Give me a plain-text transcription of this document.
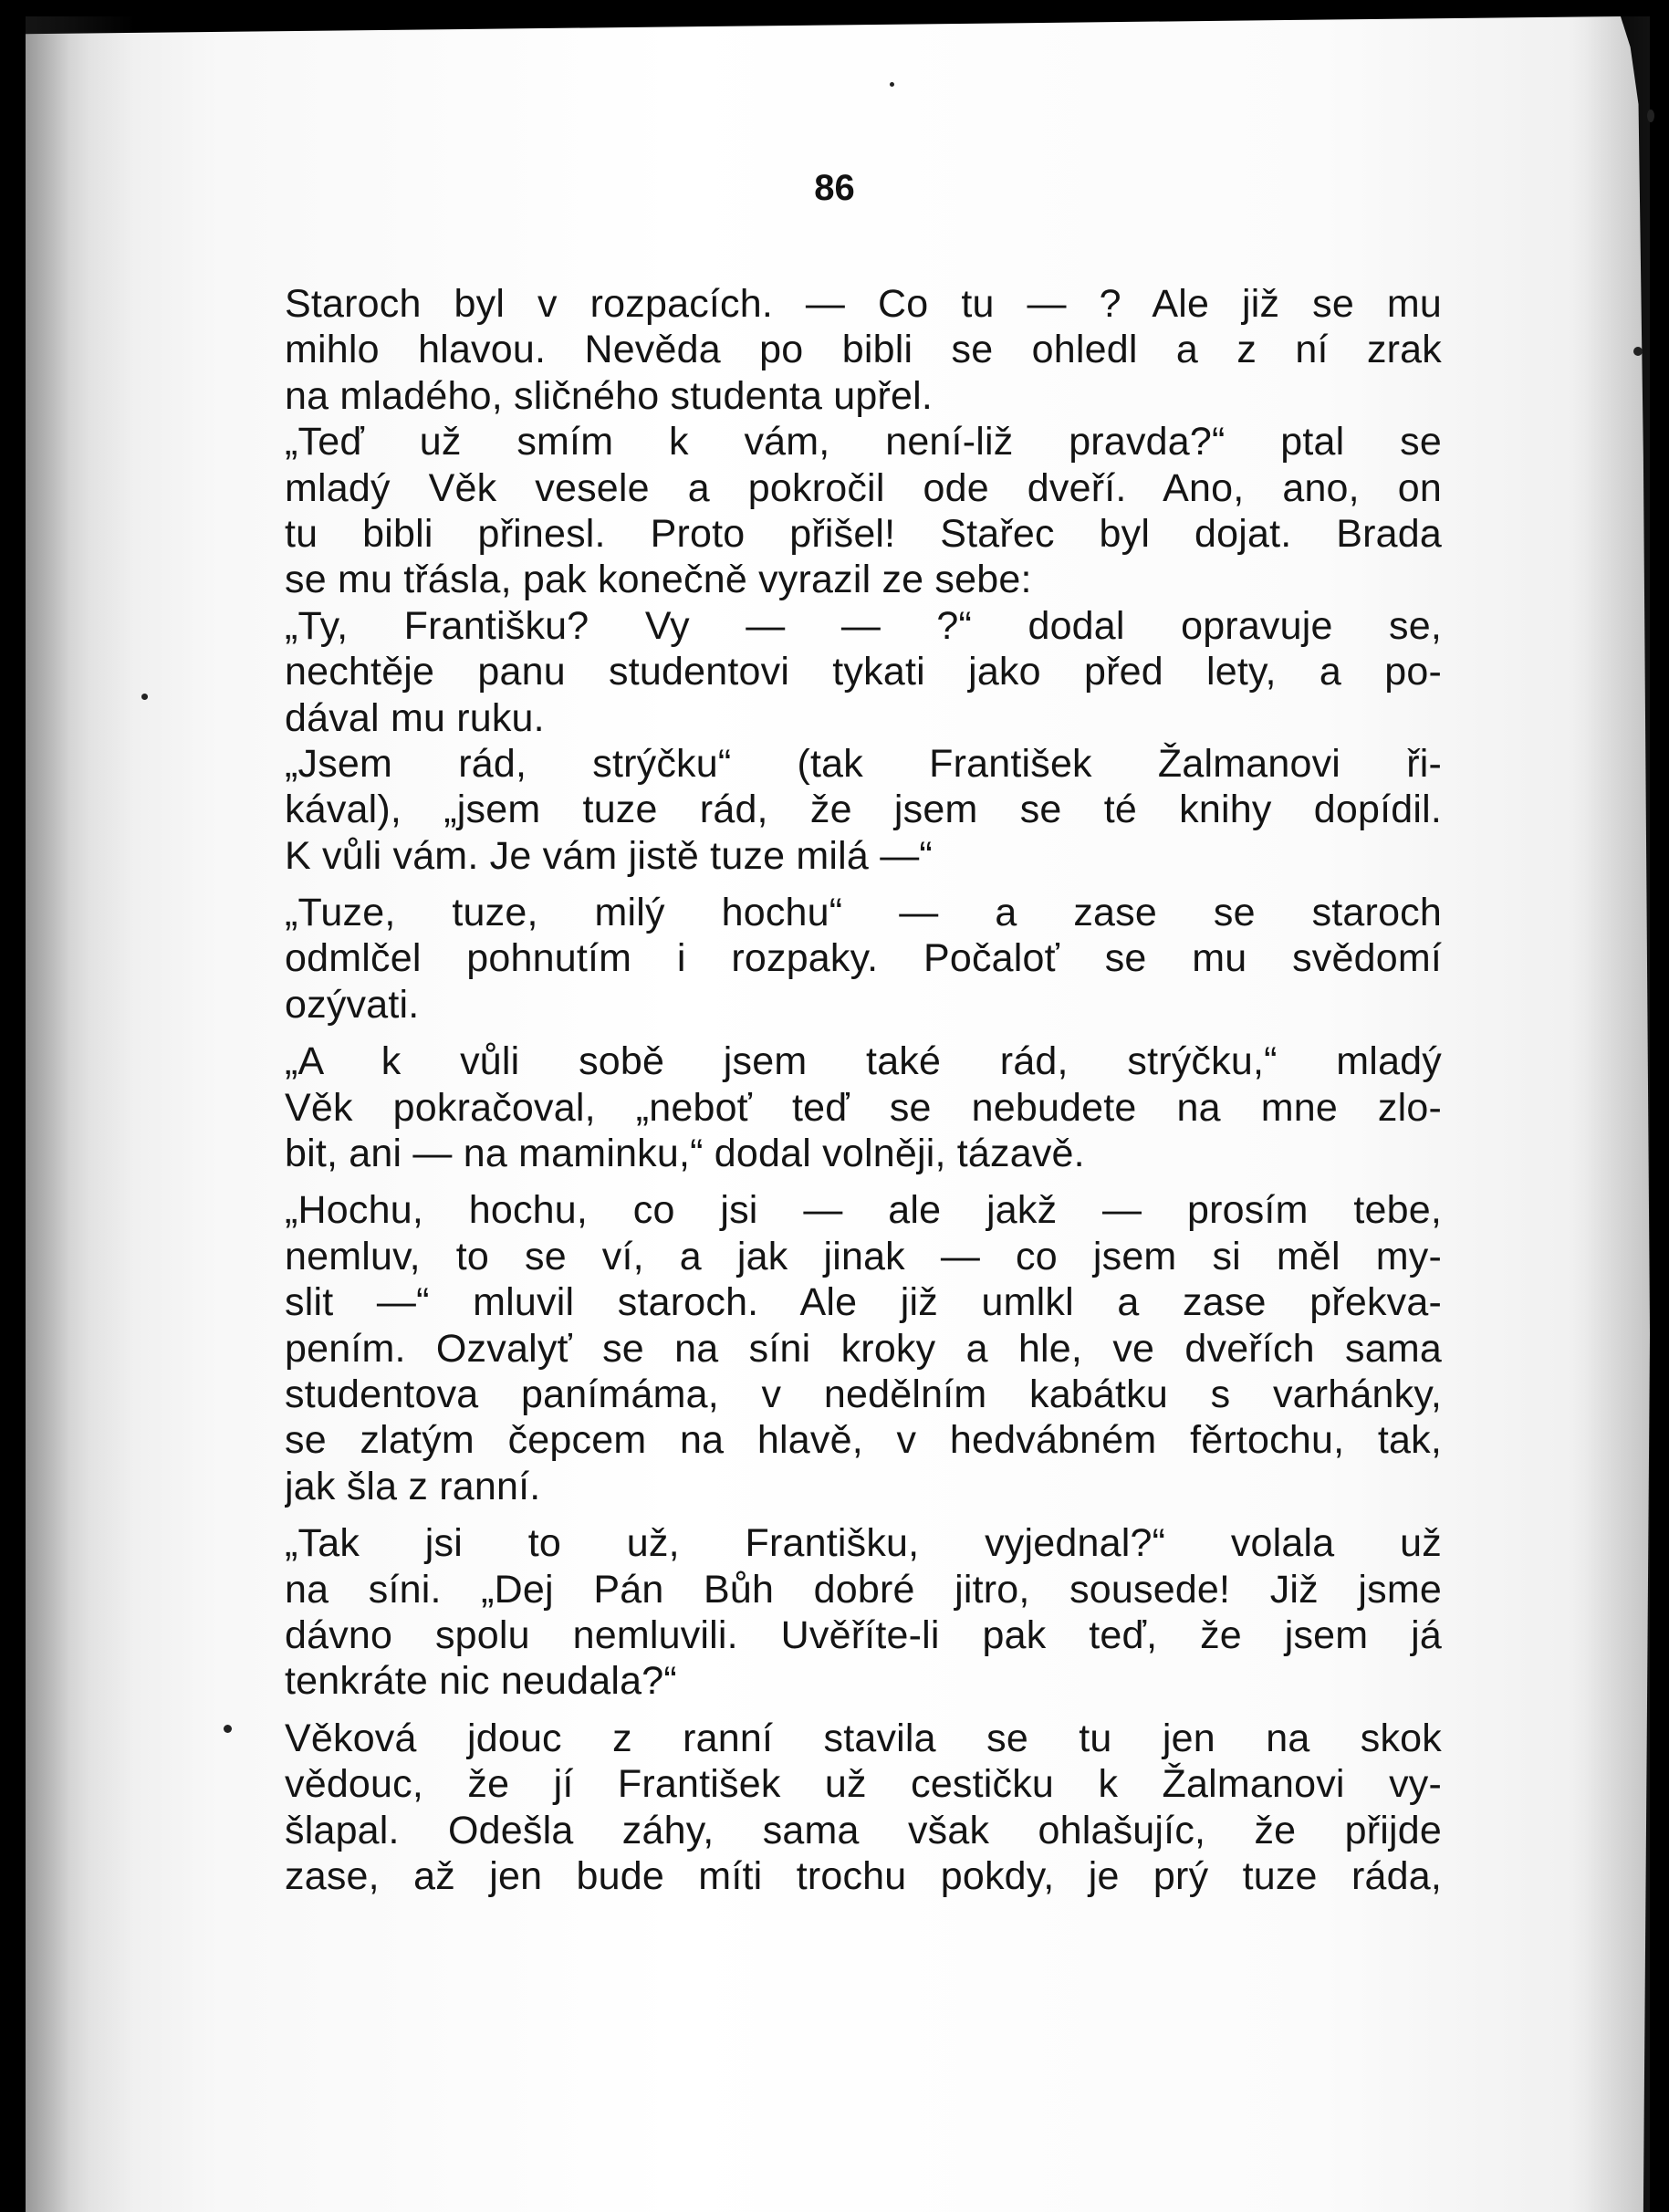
86
Staroch byl v rozpacích. — Co tu — ? Ale již se mu
mihlo hlavou. Nevěda po bibli se ohledl a z ní zrak
na mladého, sličného studenta upřel.
„Teď už smím k vám, není-liž pravda?“ ptal se
mladý Věk vesele a pokročil ode dveří. Ano, ano, on
tu bibli přinesl. Proto přišel! Stařec byl dojat. Brada
se mu třásla, pak konečně vyrazil ze sebe:
„Ty, Františku? Vy — — ?“ dodal opravuje se,
nechtěje panu studentovi tykati jako před lety, a po-
dával mu ruku.
„Jsem rád, strýčku“ (tak František Žalmanovi ři-
kával), „jsem tuze rád, že jsem se té knihy dopídil.
K vůli vám. Je vám jistě tuze milá —“
„Tuze, tuze, milý hochu“ — a zase se staroch
odmlčel pohnutím i rozpaky. Počaloť se mu svědomí
ozývati.
„A k vůli sobě jsem také rád, strýčku,“ mladý
Věk pokračoval, „neboť teď se nebudete na mne zlo-
bit, ani — na maminku,“ dodal volněji, tázavě.
„Hochu, hochu, co jsi — ale jakž — prosím tebe,
nemluv, to se ví, a jak jinak — co jsem si měl my-
slit —“ mluvil staroch. Ale již umlkl a zase překva-
pením. Ozvalyť se na síni kroky a hle, ve dveřích sama
studentova panímáma, v nedělním kabátku s varhánky,
se zlatým čepcem na hlavě, v hedvábném fěrtochu, tak,
jak šla z ranní.
„Tak jsi to už, Františku, vyjednal?“ volala už
na síni. „Dej Pán Bůh dobré jitro, sousede! Již jsme
dávno spolu nemluvili. Uvěříte-li pak teď, že jsem já
tenkráte nic neudala?“
Věková jdouc z ranní stavila se tu jen na skok
vědouc, že jí František už cestičku k Žalmanovi vy-
šlapal. Odešla záhy, sama však ohlašujíc, že přijde
zase, až jen bude míti trochu pokdy, je prý tuze ráda,
